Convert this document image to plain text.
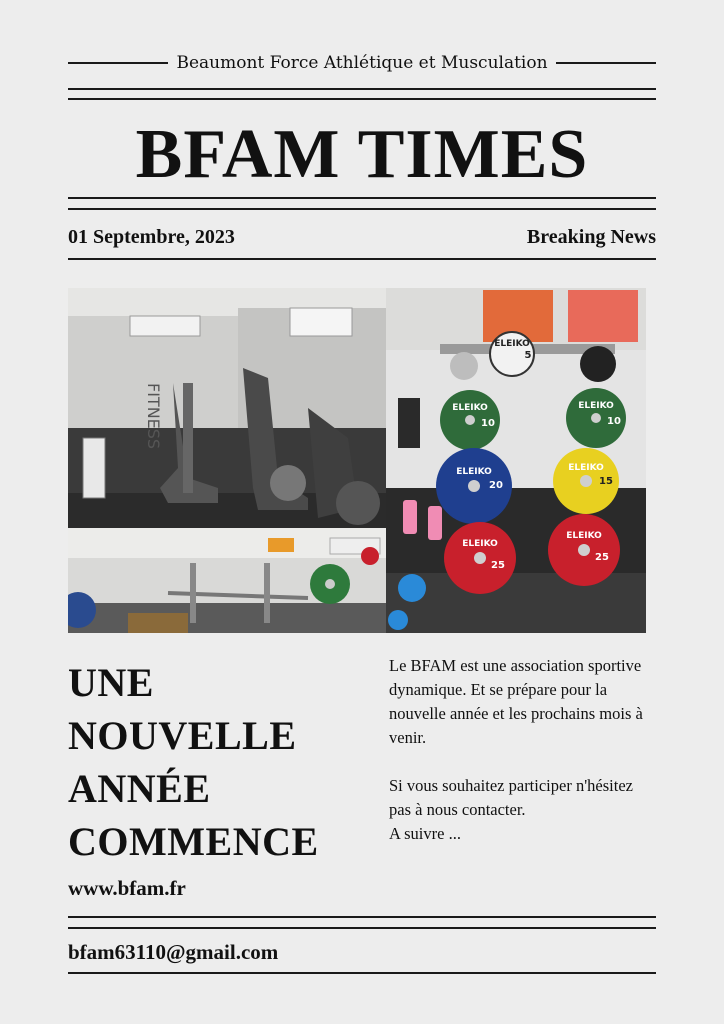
Beaumont Force Athlétique et Musculation
BFAM TIMES
01 Septembre, 2023	Breaking News
FITNESS
ELEIKO
ELEIKO	ELEIKO
ELEIKO	ELEIKO
ELEIKO
ELEIKO
5
10	10
20	15
25
25
UNE
NOUVELLE
ANNÉE
COMMENCE

Le BFAM est une association sportive dynamique. Et se prépare pour la nouvelle année et les prochains mois à venir.

Si vous souhaitez participer n'hésitez pas à nous contacter.
A suivre ...

www.bfam.fr
bfam63110@gmail.com
